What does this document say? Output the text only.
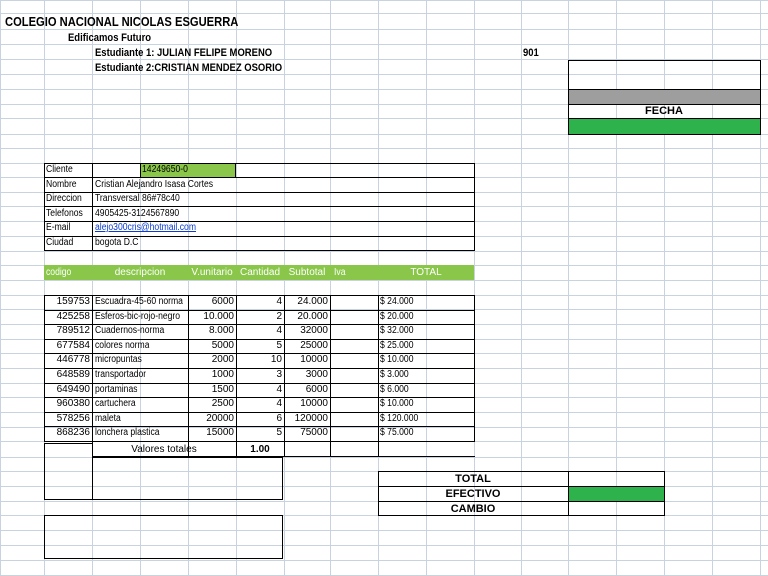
COLEGIO NACIONAL NICOLAS ESGUERRA
Edificamos Futuro
Estudiante 1: JULIAN FELIPE MORENO
Estudiante 2:CRISTIAN MENDEZ OSORIO
901
FECHA
Cliente	14249650-0
Nombre Cristian Alejandro Isasa Cortes
Direccion Transversal 86#78c40
Telefonos 4905425-3124567890
E-mail alejo300cris@hotmail.com
Ciudad bogota D.C
codigo	descripcion	V.unitario Cantidad Subtotal Iva	TOTAL
159753 Escuadra-45-60 norma	6000	4	24.000	$ 24.000
425258 Esferos-bic-rojo-negro	10.000	2	20.000	$ 20.000
789512 Cuadernos-norma	8.000	4	32000	$ 32.000
677584 colores norma	5000	5	25000	$ 25.000
446778 micropuntas	2000	10	10000	$ 10.000
648589 transportador	1000	3	3000	$ 3.000
649490 portaminas	1500	4	6000	$ 6.000
960380 cartuchera	2500	4	10000	$ 10.000
578256 maleta	20000	6	120000	$ 120.000
868236 lonchera plastica	15000	5	75000	$ 75.000
Valores totales	1.00
TOTAL
EFECTIVO
CAMBIO
